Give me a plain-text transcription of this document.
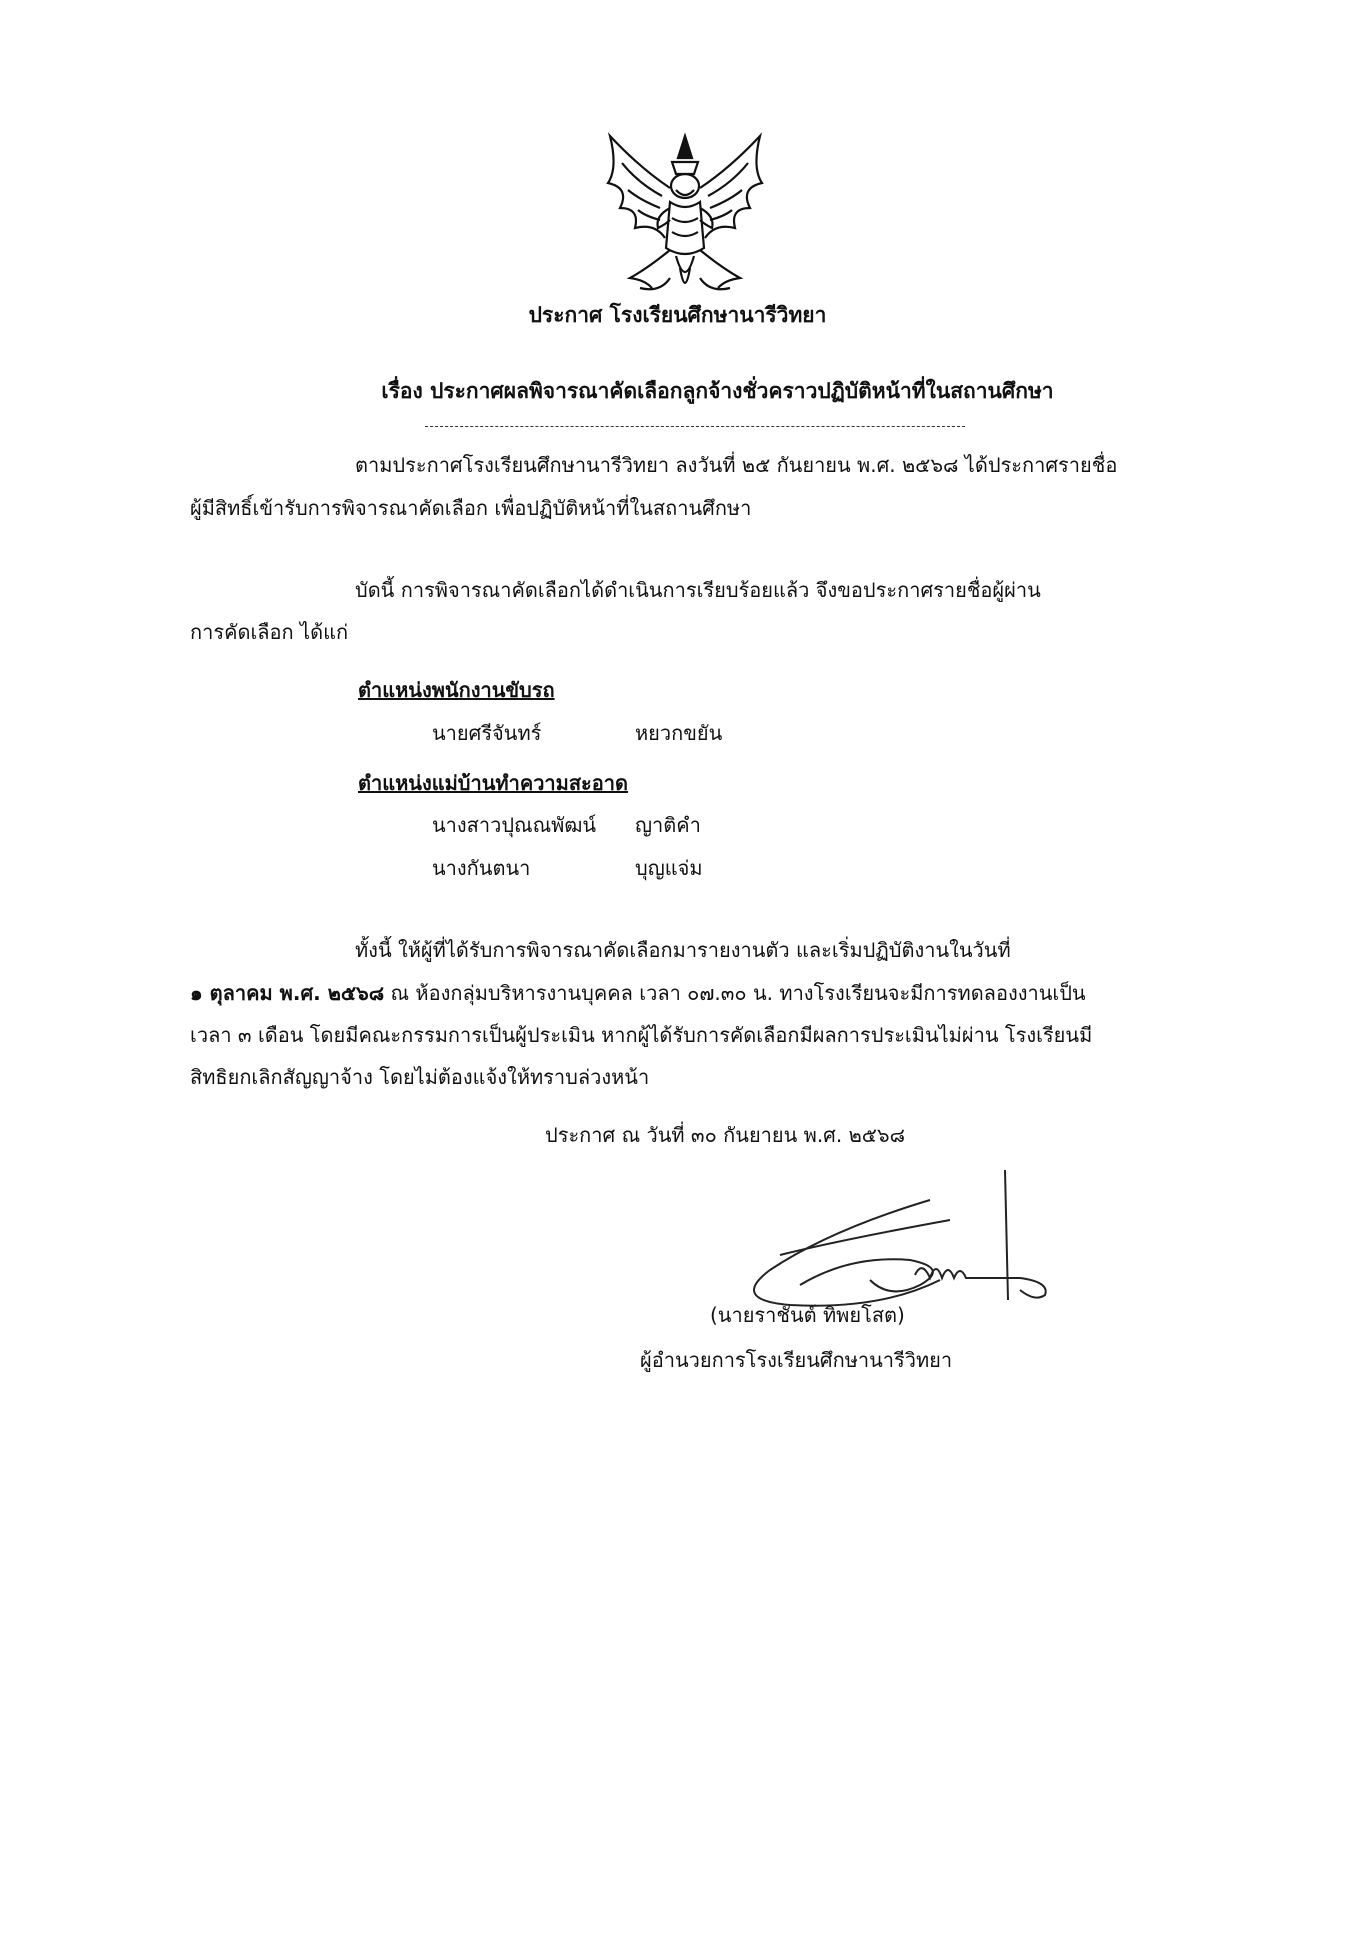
ประกาศ โรงเรียนศึกษานารีวิทยา
เรื่อง ประกาศผลพิจารณาคัดเลือกลูกจ้างชั่วคราวปฏิบัติหน้าที่ในสถานศึกษา
ตามประกาศโรงเรียนศึกษานารีวิทยา ลงวันที่ ๒๕ กันยายน พ.ศ. ๒๕๖๘ ได้ประกาศรายชื่อ
ผู้มีสิทธิ์เข้ารับการพิจารณาคัดเลือก เพื่อปฏิบัติหน้าที่ในสถานศึกษา
บัดนี้ การพิจารณาคัดเลือกได้ดำเนินการเรียบร้อยแล้ว จึงขอประกาศรายชื่อผู้ผ่าน
การคัดเลือก ได้แก่
ตำแหน่งพนักงานขับรถ
นายศรีจันทร์	หยวกขยัน
ตำแหน่งแม่บ้านทำความสะอาด
นางสาวปุณณพัฒน์ ญาติคำ
นางกันตนา	บุญแจ่ม
ทั้งนี้ ให้ผู้ที่ได้รับการพิจารณาคัดเลือกมารายงานตัว และเริ่มปฏิบัติงานในวันที่
๑ ตุลาคม พ.ศ. ๒๕๖๘ ณ ห้องกลุ่มบริหารงานบุคคล เวลา ๐๗.๓๐ น. ทางโรงเรียนจะมีการทดลองงานเป็น
เวลา ๓ เดือน โดยมีคณะกรรมการเป็นผู้ประเมิน หากผู้ได้รับการคัดเลือกมีผลการประเมินไม่ผ่าน โรงเรียนมี
สิทธิยกเลิกสัญญาจ้าง โดยไม่ต้องแจ้งให้ทราบล่วงหน้า
ประกาศ ณ วันที่ ๓๐ กันยายน พ.ศ. ๒๕๖๘
(นายราชันต์ ทิพยโสต)
ผู้อำนวยการโรงเรียนศึกษานารีวิทยา
